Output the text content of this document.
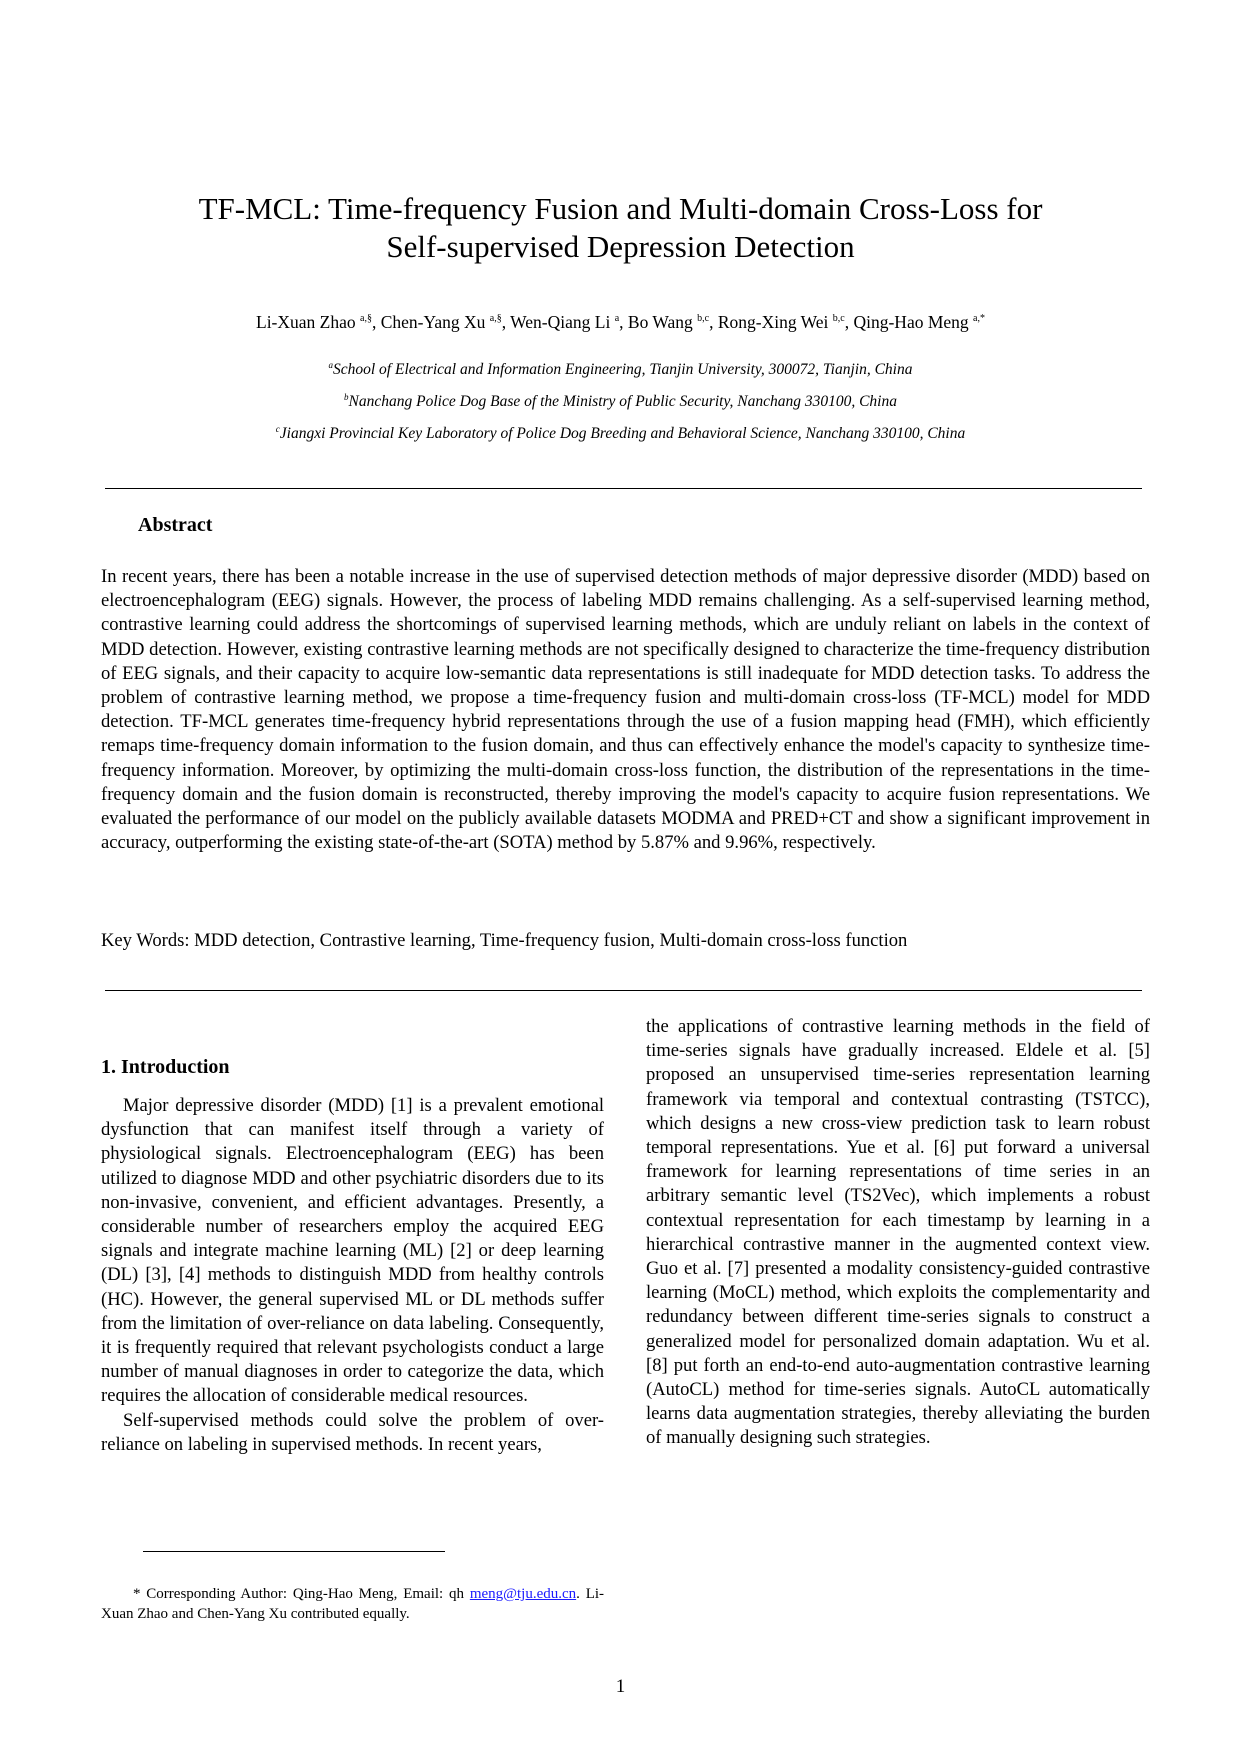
TF-MCL: Time-frequency Fusion and Multi-domain Cross-Loss for
Self-supervised Depression Detection
Li-Xuan Zhao $^{a,\S}$, Chen-Yang Xu $^{a,\S}$, Wen-Qiang Li $^a$, Bo Wang $^{b,c}$, Rong-Xing Wei $^{b,c}$, Qing-Hao Meng $^{a,*}$
$^a$School of Electrical and Information Engineering, Tianjin University, 300072, Tianjin, China
$^b$Nanchang Police Dog Base of the Ministry of Public Security, Nanchang 330100, China
$^c$Jiangxi Provincial Key Laboratory of Police Dog Breeding and Behavioral Science, Nanchang 330100, China
Abstract

In recent years, there has been a notable increase in the use of supervised detection methods of major depressive disorder (MDD) based on electroencephalogram (EEG) signals. However, the process of labeling MDD remains challenging. As a self-supervised learning method, contrastive learning could address the shortcomings of supervised learning methods, which are unduly reliant on labels in the context of MDD detection. However, existing contrastive learning methods are not specifically designed to characterize the time-frequency distribution of EEG signals, and their capacity to acquire low-semantic data representations is still inadequate for MDD detection tasks. To address the problem of contrastive learning method, we propose a time-frequency fusion and multi-domain cross-loss (TF-MCL) model for MDD detection. TF-MCL generates time-frequency hybrid representations through the use of a fusion mapping head (FMH), which efficiently remaps time-frequency domain information to the fusion domain, and thus can effectively enhance the model's capacity to synthesize time-frequency information. Moreover, by optimizing the multi-domain cross-loss function, the distribution of the representations in the time-frequency domain and the fusion domain is reconstructed, thereby improving the model's capacity to acquire fusion representations. We evaluated the performance of our model on the publicly available datasets MODMA and PRED+CT and show a significant improvement in accuracy, outperforming the existing state-of-the-art (SOTA) method by 5.87% and 9.96%, respectively.

Key Words: MDD detection, Contrastive learning, Time-frequency fusion, Multi-domain cross-loss function
1. Introduction

Major depressive disorder (MDD) [1] is a prevalent emotional dysfunction that can manifest itself through a variety of physiological signals. Electroencephalogram (EEG) has been utilized to diagnose MDD and other psychiatric disorders due to its non-invasive, convenient, and efficient advantages. Presently, a considerable number of researchers employ the acquired EEG signals and integrate machine learning (ML) [2] or deep learning (DL) [3], [4] methods to distinguish MDD from healthy controls (HC). However, the general supervised ML or DL methods suffer from the limitation of over-reliance on data labeling. Consequently, it is frequently required that relevant psychologists conduct a large number of manual diagnoses in order to categorize the data, which requires the allocation of considerable medical resources.

Self-supervised methods could solve the problem of over-reliance on labeling in supervised methods. In recent years,

the applications of contrastive learning methods in the field of time-series signals have gradually increased. Eldele et al. [5] proposed an unsupervised time-series representation learning framework via temporal and contextual contrasting (TSTCC), which designs a new cross-view prediction task to learn robust temporal representations. Yue et al. [6] put forward a universal framework for learning representations of time series in an arbitrary semantic level (TS2Vec), which implements a robust contextual representation for each timestamp by learning in a hierarchical contrastive manner in the augmented context view. Guo et al. [7] presented a modality consistency-guided contrastive learning (MoCL) method, which exploits the complementarity and redundancy between different time-series signals to construct a generalized model for personalized domain adaptation. Wu et al. [8] put forth an end-to-end auto-augmentation contrastive learning (AutoCL) method for time-series signals. AutoCL automatically learns data augmentation strategies, thereby alleviating the burden of manually designing such strategies.

* Corresponding Author: Qing-Hao Meng, Email: qh meng@tju.edu.cn. Li-Xuan Zhao and Chen-Yang Xu contributed equally.
1
